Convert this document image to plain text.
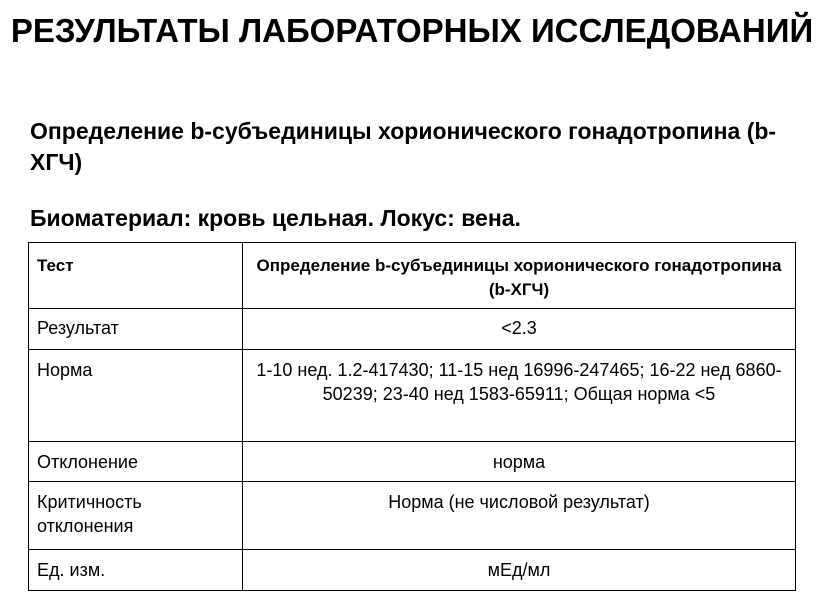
РЕЗУЛЬТАТЫ ЛАБОРАТОРНЫХ ИССЛЕДОВАНИЙ
Определение b-субъединицы хорионического гонадотропина (b-ХГЧ)
Биоматериал: кровь цельная. Локус: вена.
Тест	Определение b-субъединицы хорионического гонадотропина (b-ХГЧ)
Результат	<2.3
Норма	1-10 нед. 1.2-417430; 11-15 нед 16996-247465; 16-22 нед 6860-50239; 23-40 нед 1583-65911; Общая норма <5
Отклонение	норма
Критичность отклонения	Норма (не числовой результат)
Ед. изм.	мЕд/мл
